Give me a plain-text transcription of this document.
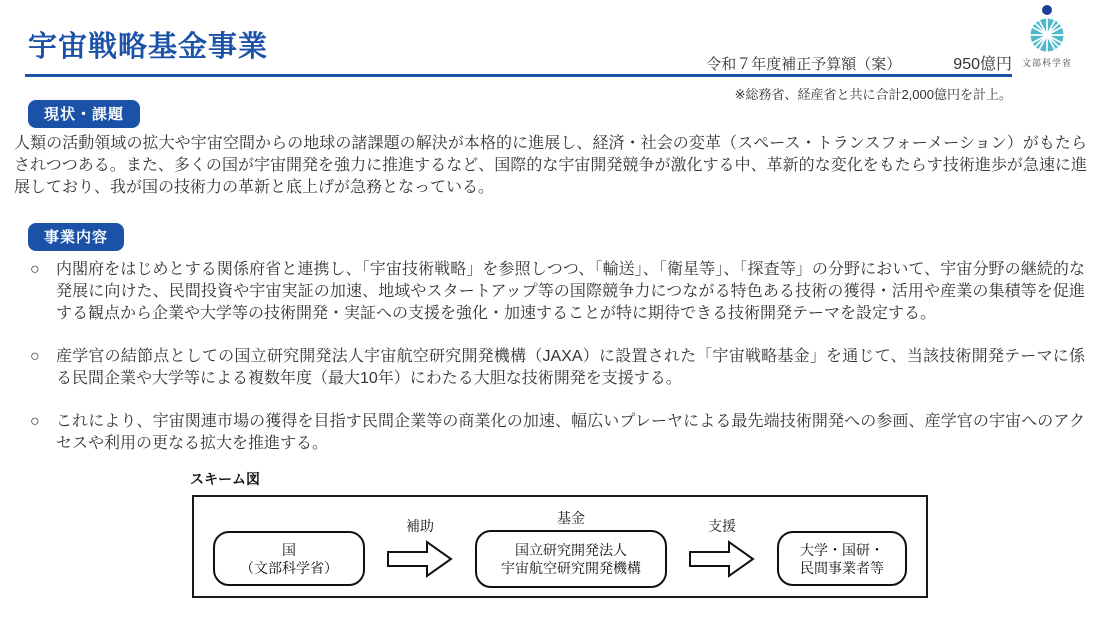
宇宙戦略基金事業
令和７年度補正予算額（案）	950億円
※総務省、経産省と共に合計2,000億円を計上。
文部科学省
現状・課題

人類の活動領域の拡大や宇宙空間からの地球の諸課題の解決が本格的に進展し、経済・社会の変革（スペース・トランスフォーメーション）がもたらされつつある。また、多くの国が宇宙開発を強力に推進するなど、国際的な宇宙開発競争が激化する中、革新的な変化をもたらす技術進歩が急速に進展しており、我が国の技術力の革新と底上げが急務となっている。

事業内容
○	内閣府をはじめとする関係府省と連携し、「宇宙技術戦略」を参照しつつ、「輸送」、「衛星等」、「探査等」の分野において、宇宙分野の継続的な発展に向けた、民間投資や宇宙実証の加速、地域やスタートアップ等の国際競争力につながる特色ある技術の獲得・活用や産業の集積等を促進する観点から企業や大学等の技術開発・実証への支援を強化・加速することが特に期待できる技術開発テーマを設定する。
○	産学官の結節点としての国立研究開発法人宇宙航空研究開発機構（JAXA）に設置された「宇宙戦略基金」を通じて、当該技術開発テーマに係る民間企業や大学等による複数年度（最大10年）にわたる大胆な技術開発を支援する。
○	これにより、宇宙関連市場の獲得を目指す民間企業等の商業化の加速、幅広いプレーヤによる最先端技術開発への参画、産学官の宇宙へのアクセスや利用の更なる拡大を推進する。
スキーム図
国
（文部科学省）
補助	基金
国立研究開発法人
宇宙航空研究開発機構
支援
大学・国研・
民間事業者等
